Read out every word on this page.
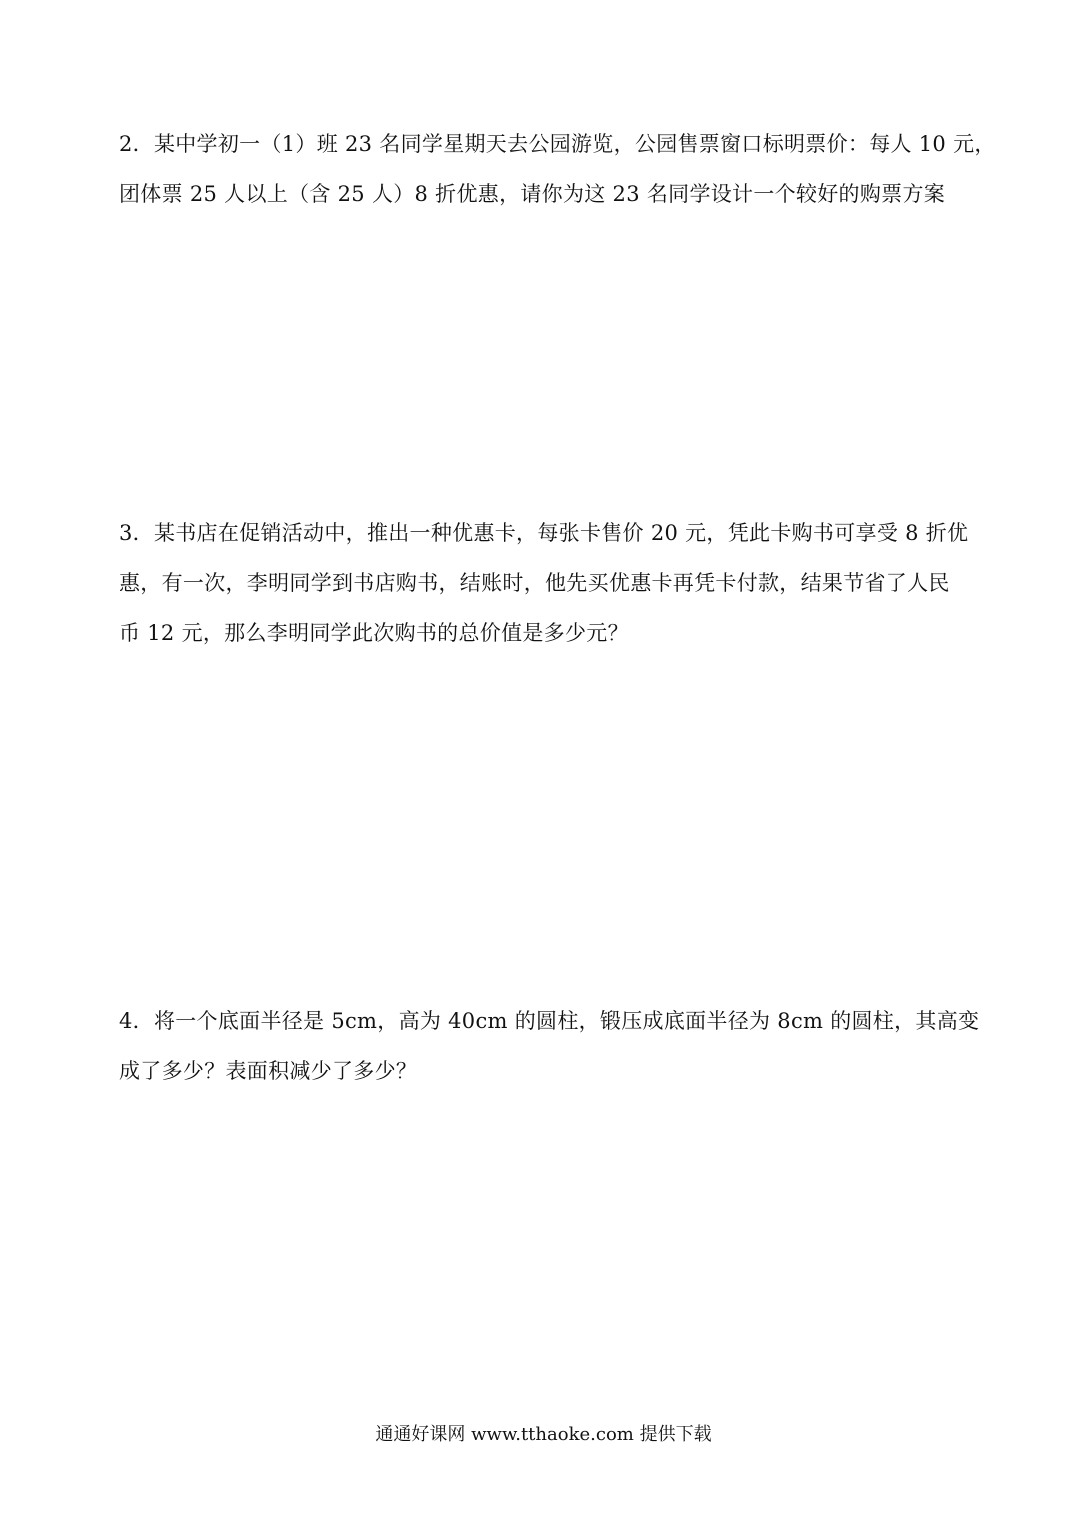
2．某中学初一（1）班 23 名同学星期天去公园游览，公园售票窗口标明票价：每人 10 元，

团体票 25 人以上（含 25 人）8 折优惠，请你为这 23 名同学设计一个较好的购票方案

3．某书店在促销活动中，推出一种优惠卡，每张卡售价 20 元，凭此卡购书可享受 8 折优

惠，有一次，李明同学到书店购书，结账时，他先买优惠卡再凭卡付款，结果节省了人民

币 12 元，那么李明同学此次购书的总价值是多少元？

4．将一个底面半径是 5cm，高为 40cm 的圆柱，锻压成底面半径为 8cm 的圆柱，其高变

成了多少？表面积减少了多少？

通通好课网 www.tthaoke.com 提供下载
